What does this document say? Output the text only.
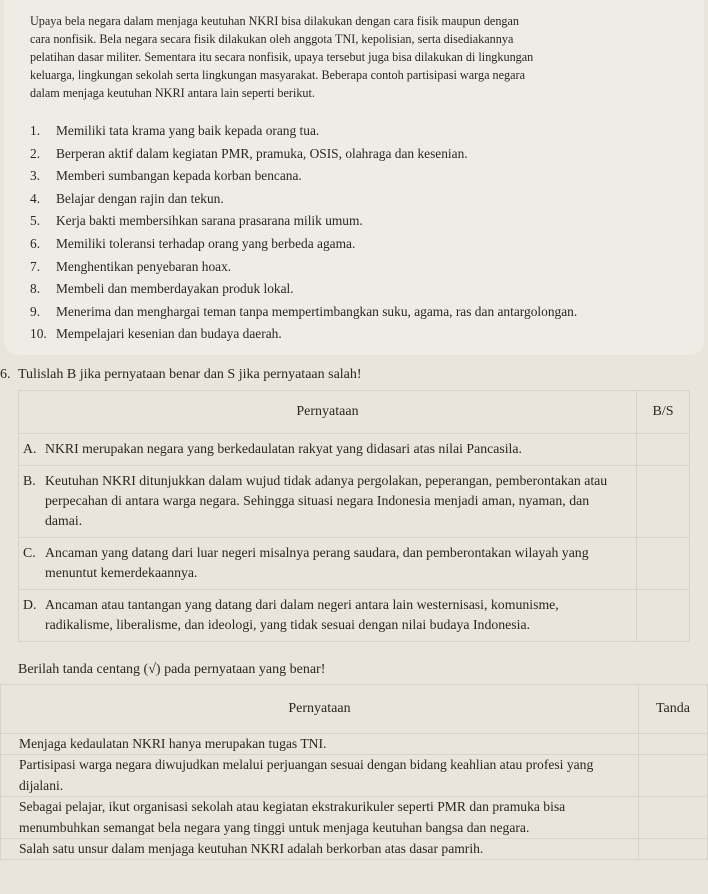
Upaya bela negara dalam menjaga keutuhan NKRI bisa dilakukan dengan cara fisik maupun dengan
cara nonfisik. Bela negara secara fisik dilakukan oleh anggota TNI, kepolisian, serta disediakannya
pelatihan dasar militer. Sementara itu secara nonfisik, upaya tersebut juga bisa dilakukan di lingkungan
keluarga, lingkungan sekolah serta lingkungan masyarakat. Beberapa contoh partisipasi warga negara
dalam menjaga keutuhan NKRI antara lain seperti berikut.

1.	Memiliki tata krama yang baik kepada orang tua.
2.	Berperan aktif dalam kegiatan PMR, pramuka, OSIS, olahraga dan kesenian.
3.	Memberi sumbangan kepada korban bencana.
4.	Belajar dengan rajin dan tekun.
5.	Kerja bakti membersihkan sarana prasarana milik umum.
6.	Memiliki toleransi terhadap orang yang berbeda agama.
7.	Menghentikan penyebaran hoax.
8.	Membeli dan memberdayakan produk lokal.
9.	Menerima dan menghargai teman tanpa mempertimbangkan suku, agama, ras dan antargolongan.
10. Mempelajari kesenian dan budaya daerah.
6. Tulislah B jika pernyataan benar dan S jika pernyataan salah!
Pernyataan	B/S
A. NKRI merupakan negara yang berkedaulatan rakyat yang didasari atas nilai Pancasila.	
B. Keutuhan NKRI ditunjukkan dalam wujud tidak adanya pergolakan, peperangan, pemberontakan atau perpecahan di antara warga negara. Sehingga situasi negara Indonesia menjadi aman, nyaman, dan damai.	
C. Ancaman yang datang dari luar negeri misalnya perang saudara, dan pemberontakan wilayah yang menuntut kemerdekaannya.	
D. Ancaman atau tantangan yang datang dari dalam negeri antara lain westernisasi, komunisme, radikalisme, liberalisme, dan ideologi, yang tidak sesuai dengan nilai budaya Indonesia.	
Berilah tanda centang (√) pada pernyataan yang benar!
Pernyataan	Tanda
Menjaga kedaulatan NKRI hanya merupakan tugas TNI.	
Partisipasi warga negara diwujudkan melalui perjuangan sesuai dengan bidang keahlian atau profesi yang dijalani.	
Sebagai pelajar, ikut organisasi sekolah atau kegiatan ekstrakurikuler seperti PMR dan pramuka bisa menumbuhkan semangat bela negara yang tinggi untuk menjaga keutuhan bangsa dan negara.	
Salah satu unsur dalam menjaga keutuhan NKRI adalah berkorban atas dasar pamrih.	
